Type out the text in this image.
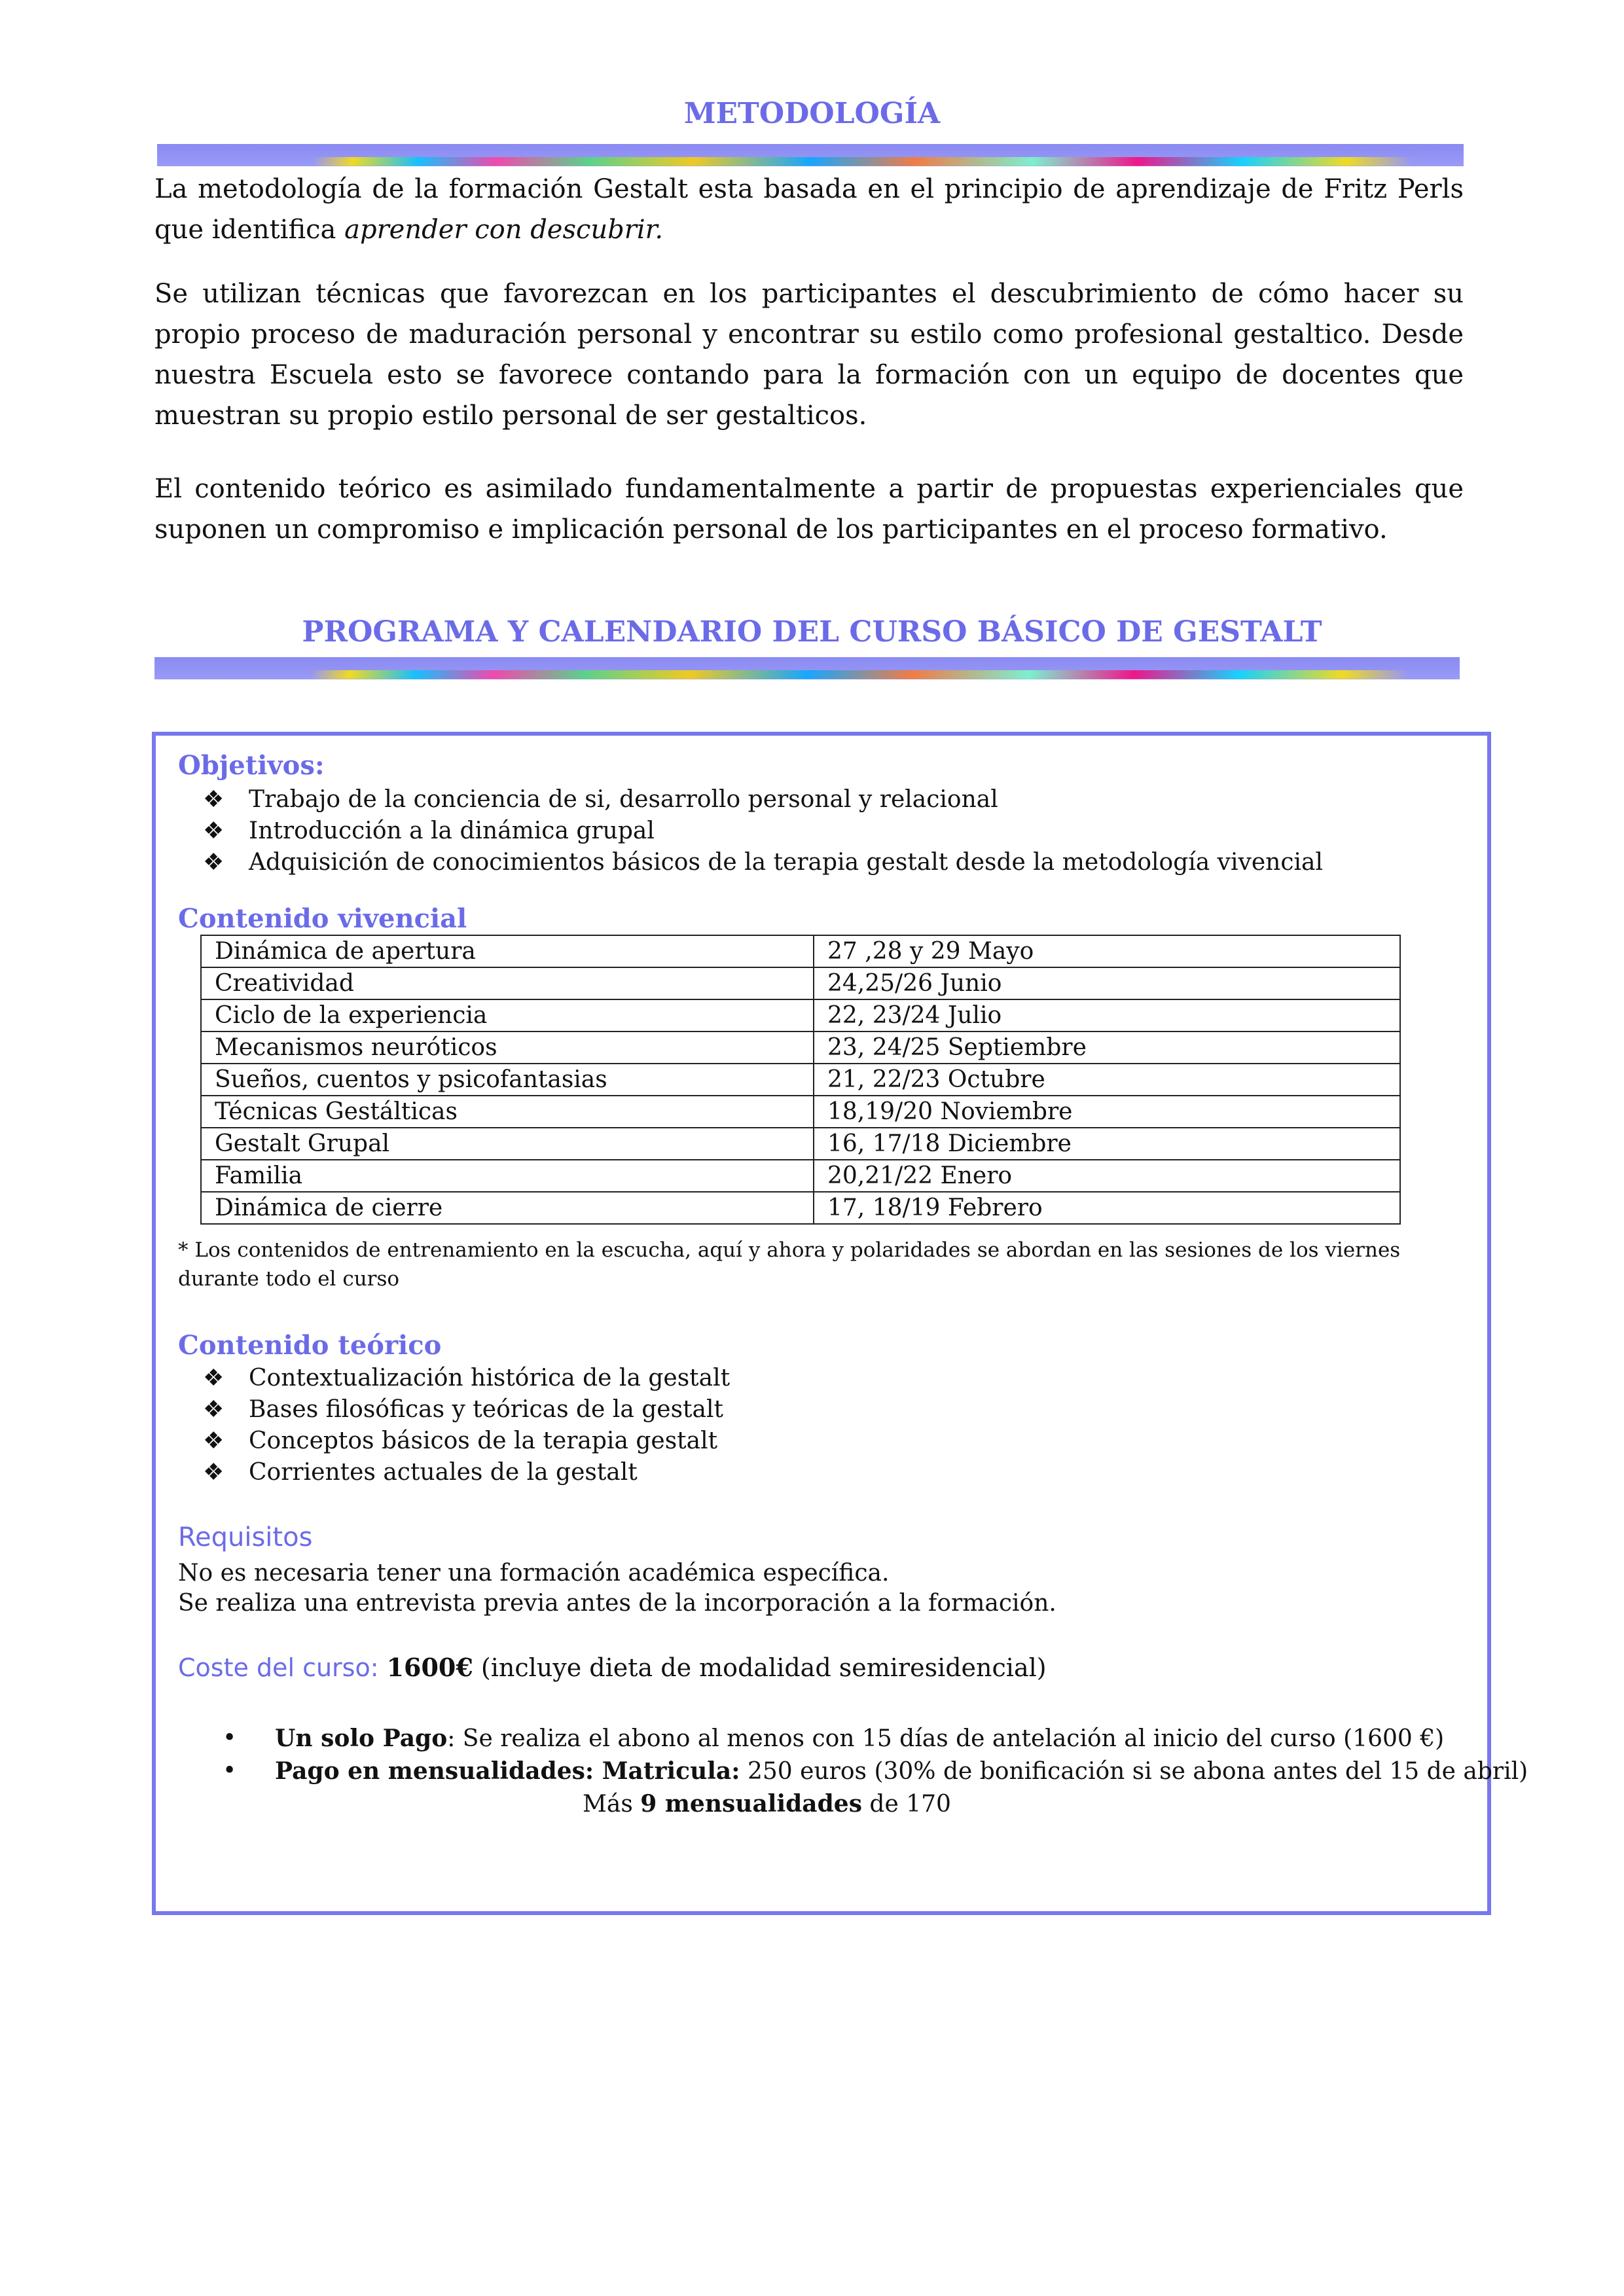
METODOLOGÍA
La metodología de la formación Gestalt esta basada en el principio de aprendizaje de Fritz Perls que identifica aprender con descubrir.
Se utilizan técnicas que favorezcan en los participantes el descubrimiento de cómo hacer su propio proceso de maduración personal y encontrar su estilo como profesional gestaltico. Desde nuestra Escuela esto se favorece contando para la formación con un equipo de docentes que muestran su propio estilo personal de ser gestalticos.
El contenido teórico es asimilado fundamentalmente a partir de propuestas experienciales que suponen un compromiso e implicación personal de los participantes en el proceso formativo.
PROGRAMA Y CALENDARIO DEL CURSO BÁSICO DE GESTALT
Objetivos:
❖ Trabajo de la conciencia de si, desarrollo personal y relacional
❖ Introducción a la dinámica grupal
❖ Adquisición de conocimientos básicos de la terapia gestalt desde la metodología vivencial
Contenido vivencial
Dinámica de apertura	27 ,28 y 29 Mayo
Creatividad	24,25/26 Junio
Ciclo de la experiencia	22, 23/24 Julio
Mecanismos neuróticos	23, 24/25 Septiembre
Sueños, cuentos y psicofantasias	21, 22/23 Octubre
Técnicas Gestálticas	18,19/20 Noviembre
Gestalt Grupal	16, 17/18 Diciembre
Familia	20,21/22 Enero
Dinámica de cierre	17, 18/19 Febrero
* Los contenidos de entrenamiento en la escucha, aquí y ahora y polaridades se abordan en las sesiones de los viernes durante todo el curso
Contenido teórico
❖ Contextualización histórica de la gestalt
❖ Bases filosóficas y teóricas de la gestalt
❖ Conceptos básicos de la terapia gestalt
❖ Corrientes actuales de la gestalt
Requisitos
No es necesaria tener una formación académica específica.
Se realiza una entrevista previa antes de la incorporación a la formación.
Coste del curso: 1600€ (incluye dieta de modalidad semiresidencial)
• Un solo Pago: Se realiza el abono al menos con 15 días de antelación al inicio del curso (1600 €)
• Pago en mensualidades: Matricula: 250 euros (30% de bonificación si se abona antes del 15 de abril)
Más 9 mensualidades de 170
